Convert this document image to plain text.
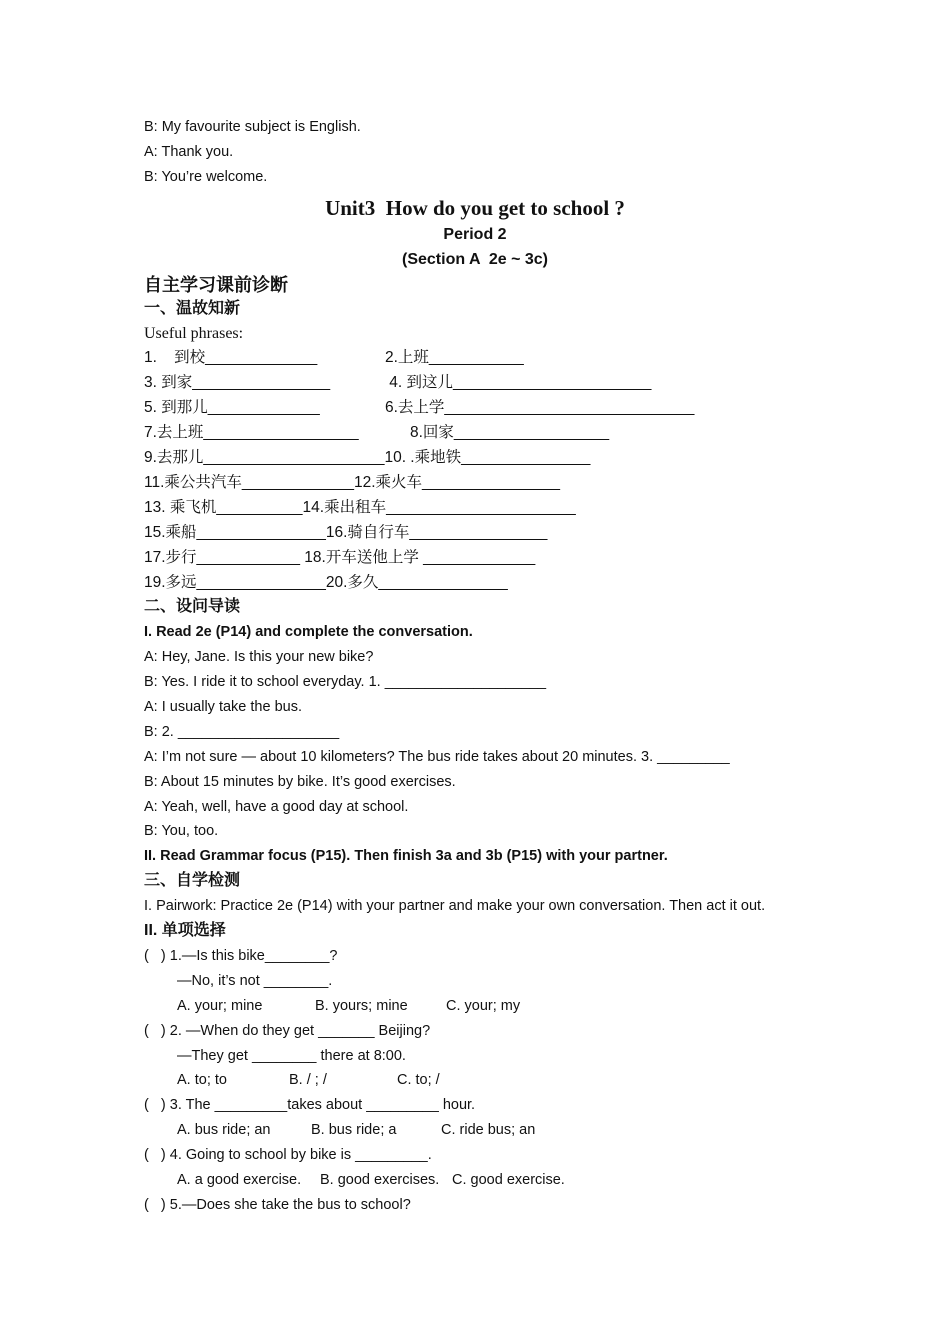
B: My favourite subject is English.
A: Thank you.
B: You’re welcome.
Unit3  How do you get to school ?
Period 2
(Section A  2e ~ 3c)
自主学习课前诊断
一、温故知新
Useful phrases:
1.    到校_____________	2.上班___________
3. 到家________________	4. 到这儿_______________________
5. 到那儿_____________	6.去上学_____________________________
7.去上班__________________	8.回家__________________
9.去那儿_____________________10. .乘地铁_______________
11.乘公共汽车_____________12.乘火车________________
13. 乘飞机__________14.乘出租车______________________
15.乘船_______________16.骑自行车________________
17.步行____________ 18.开车送他上学 _____________
19.多远_______________20.多久_______________
二、设问导读
I. Read 2e (P14) and complete the conversation.
A: Hey, Jane. Is this your new bike?
B: Yes. I ride it to school everyday. 1. ____________________
A: I usually take the bus.
B: 2. ____________________
A: I’m not sure — about 10 kilometers? The bus ride takes about 20 minutes. 3. _________
B: About 15 minutes by bike. It’s good exercises.
A: Yeah, well, have a good day at school.
B: You, too.
II. Read Grammar focus (P15). Then finish 3a and 3b (P15) with your partner.
三、自学检测
I. Pairwork: Practice 2e (P14) with your partner and make your own conversation. Then act it out.
II. 单项选择
(   ) 1.—Is this bike________?
—No, it’s not ________.
A. your; mine	B. yours; mine	C. your; my
(   ) 2. —When do they get _______ Beijing?
—They get ________ there at 8:00.
A. to; to	B. / ; /	C. to; /
(   ) 3. The _________takes about _________ hour.
A. bus ride; an	B. bus ride; a	C. ride bus; an
(   ) 4. Going to school by bike is _________.
A. a good exercise. B. good exercises. C. good exercise.
(   ) 5.—Does she take the bus to school?
